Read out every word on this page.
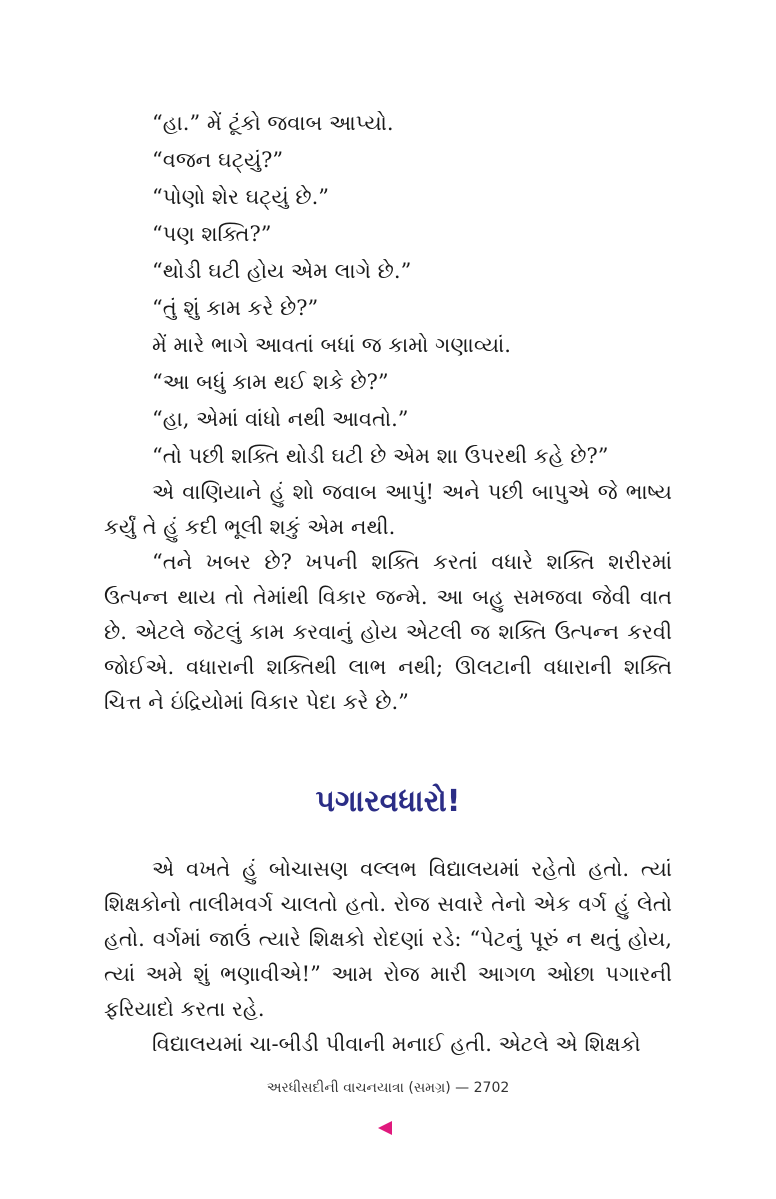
“હા.” મેં ટૂંકો જવાબ આપ્યો.

“વજન ઘટ્યું?”

“પોણો શેર ઘટ્યું છે.”

“પણ શક્તિ?”

“થોડી ઘટી હોય એમ લાગે છે.”

“તું શું કામ કરે છે?”

મેં મારે ભાગે આવતાં બધાં જ કામો ગણાવ્યાં.

“આ બધું કામ થઈ શકે છે?”

“હા, એમાં વાંધો નથી આવતો.”

“તો પછી શક્તિ થોડી ઘટી છે એમ શા ઉપરથી કહે છે?”

એ વાણિયાને હું શો જવાબ આપું! અને પછી બાપુએ જે ભાષ્ય કર્યું તે હું કદી ભૂલી શકું એમ નથી.

“તને ખબર છે? ખપની શક્તિ કરતાં વધારે શક્તિ શરીરમાં ઉત્પન્ન થાય તો તેમાંથી વિકાર જન્મે. આ બહુ સમજવા જેવી વાત છે. એટલે જેટલું કામ કરવાનું હોય એટલી જ શક્તિ ઉત્પન્ન કરવી જોઈએ. વધારાની શક્તિથી લાભ નથી; ઊલટાની વધારાની શક્તિ ચિત્ત ને ઇંદ્રિયોમાં વિકાર પેદા કરે છે.”

પગારવધારો!

એ વખતે હું બોચાસણ વલ્લભ વિદ્યાલયમાં રહેતો હતો. ત્યાં શિક્ષકોનો તાલીમવર્ગ ચાલતો હતો. રોજ સવારે તેનો એક વર્ગ હું લેતો હતો. વર્ગમાં જાઉં ત્યારે શિક્ષકો રોદણાં રડે: “પેટનું પૂરું ન થતું હોય, ત્યાં અમે શું ભણાવીએ!” આમ રોજ મારી આગળ ઓછા પગારની ફરિયાદો કરતા રહે.

વિદ્યાલયમાં ચા-બીડી પીવાની મનાઈ હતી. એટલે એ શિક્ષકો

અરધીસદીની વાચનયાત્રા (સમગ્ર) — 2702
